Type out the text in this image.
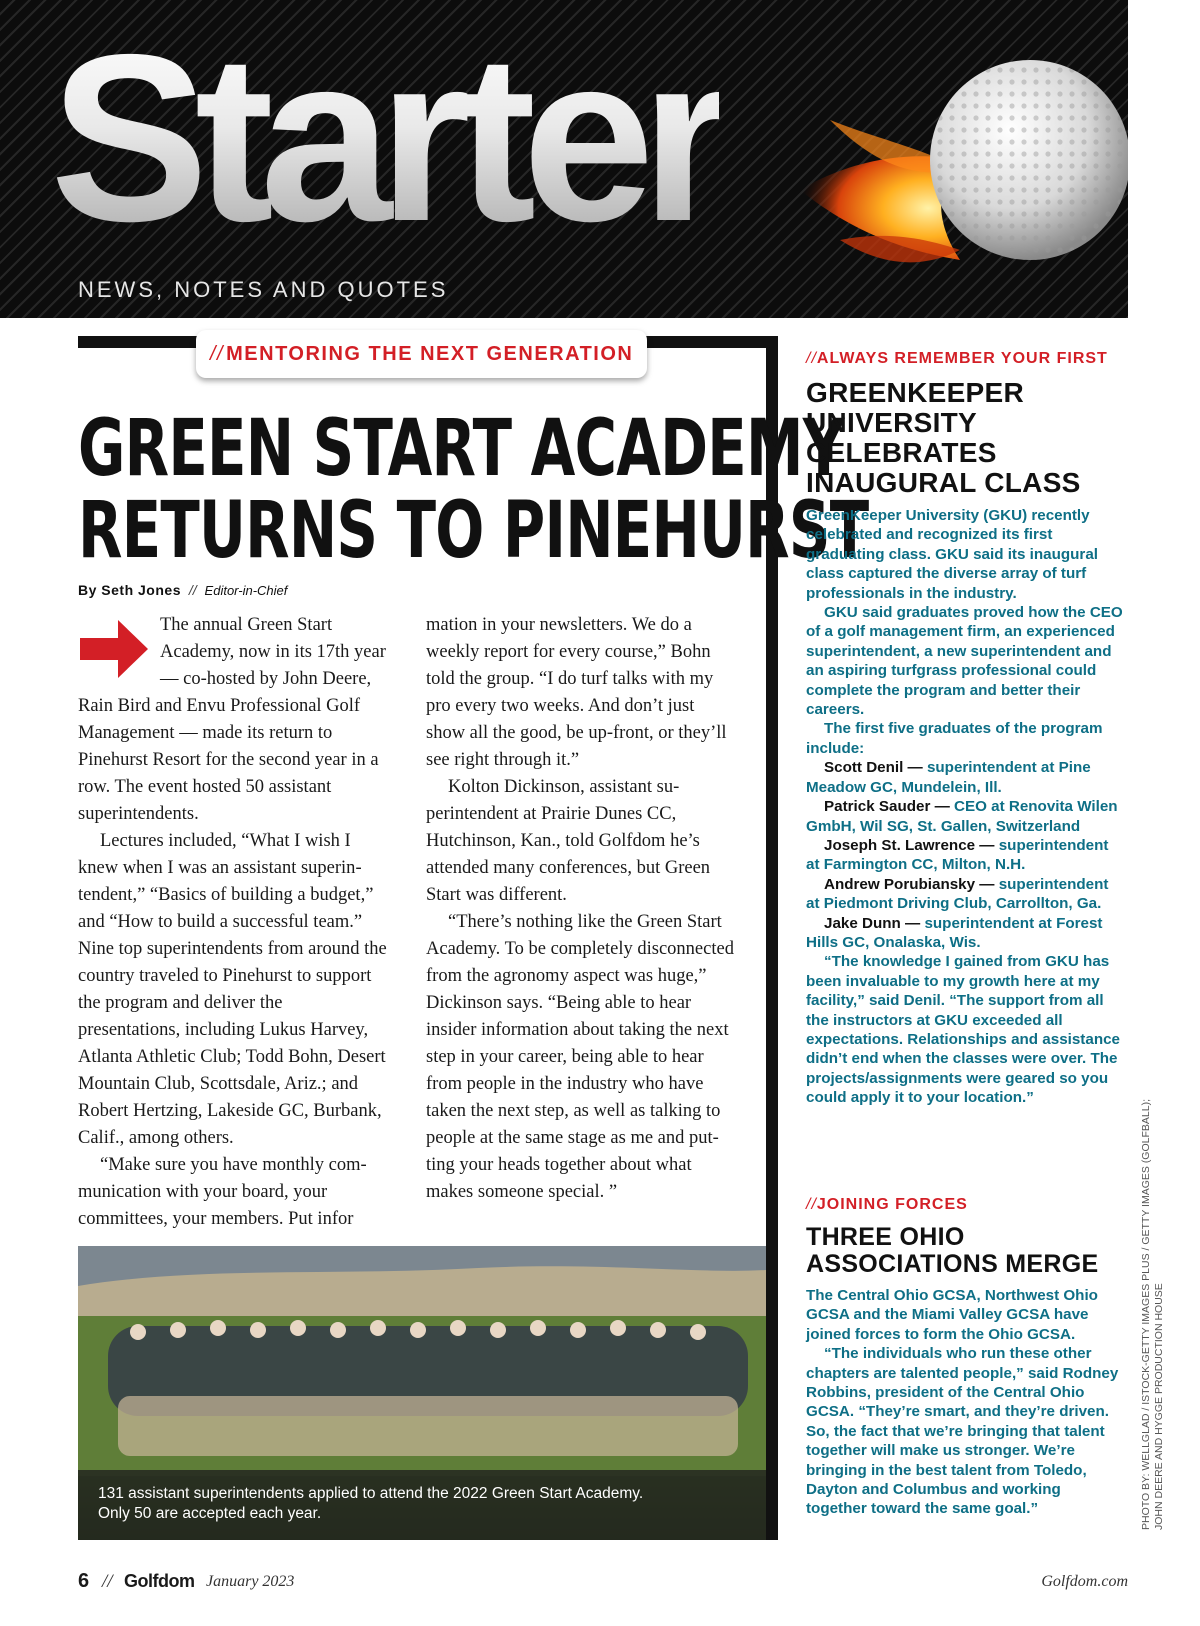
Starter
NEWS, NOTES AND QUOTES
// MENTORING THE NEXT GENERATION
GREEN START ACADEMY
RETURNS TO PINEHURST
By Seth Jones // Editor-in-Chief

The annual Green Start Academy, now in its 17th year — co-hosted by John Deere, Rain Bird and Envu Professional Golf Management — made its return to Pinehurst Resort for the second year in a row. The event hosted 50 assistant superintendents.

Lectures included, “What I wish I knew when I was an assistant superintendent,” “Basics of building a budget,” and “How to build a successful team.” Nine top superintendents from around the country traveled to Pinehurst to support the program and deliver the presentations, including Lukus Harvey, Atlanta Athletic Club; Todd Bohn, Desert Mountain Club, Scottsdale, Ariz.; and Robert Hertzing, Lakeside GC, Burbank, Calif., among others.

“Make sure you have monthly communication with your board, your committees, your members. Put infor

mation in your newsletters. We do a weekly report for every course,” Bohn told the group. “I do turf talks with my pro every two weeks. And don’t just show all the good, be up-front, or they’ll see right through it.”

Kolton Dickinson, assistant superintendent at Prairie Dunes CC, Hutchinson, Kan., told Golfdom he’s attended many conferences, but Green Start was different.

“There’s nothing like the Green Start Academy. To be completely disconnected from the agronomy aspect was huge,” Dickinson says. “Being able to hear insider information about taking the next step in your career, being able to hear from people in the industry who have taken the next step, as well as talking to people at the same stage as me and putting your heads together about what makes someone special. ”

131 assistant superintendents applied to attend the 2022 Green Start Academy.
Only 50 are accepted each year.
//ALWAYS REMEMBER YOUR FIRST
GREENKEEPER UNIVERSITY CELEBRATES INAUGURAL CLASS

GreenKeeper University (GKU) recently celebrated and recognized its first graduating class. GKU said its inaugural class captured the diverse array of turf professionals in the industry.

GKU said graduates proved how the CEO of a golf management firm, an experienced superintendent, a new superintendent and an aspiring turfgrass professional could complete the program and better their careers.

The first five graduates of the program include:

Scott Denil — superintendent at Pine Meadow GC, Mundelein, Ill.

Patrick Sauder — CEO at Renovita Wilen GmbH, Wil SG, St. Gallen, Switzerland

Joseph St. Lawrence — superintendent at Farmington CC, Milton, N.H.

Andrew Porubiansky — superintendent at Piedmont Driving Club, Carrollton, Ga.

Jake Dunn — superintendent at Forest Hills GC, Onalaska, Wis.

“The knowledge I gained from GKU has been invaluable to my growth here at my facility,” said Denil. “The support from all the instructors at GKU exceeded all expectations. Relationships and assistance didn’t end when the classes were over. The projects/assignments were geared so you could apply it to your location.”

//JOINING FORCES
THREE OHIO ASSOCIATIONS MERGE

The Central Ohio GCSA, Northwest Ohio GCSA and the Miami Valley GCSA have joined forces to form the Ohio GCSA.

“The individuals who run these other chapters are talented people,” said Rodney Robbins, president of the Central Ohio GCSA. “They’re smart, and they’re driven. So, the fact that we’re bringing that talent together will make us stronger. We’re bringing in the best talent from Toledo, Dayton and Columbus and working together toward the same goal.”	PHOTO BY: WELLGLAD / ISTOCK-GETTY IMAGES PLUS / GETTY IMAGES (GOLFBALL); JOHN DEERE AND HYGGE PRODUCTION HOUSE
6 // Golfdom January 2023	Golfdom.com
